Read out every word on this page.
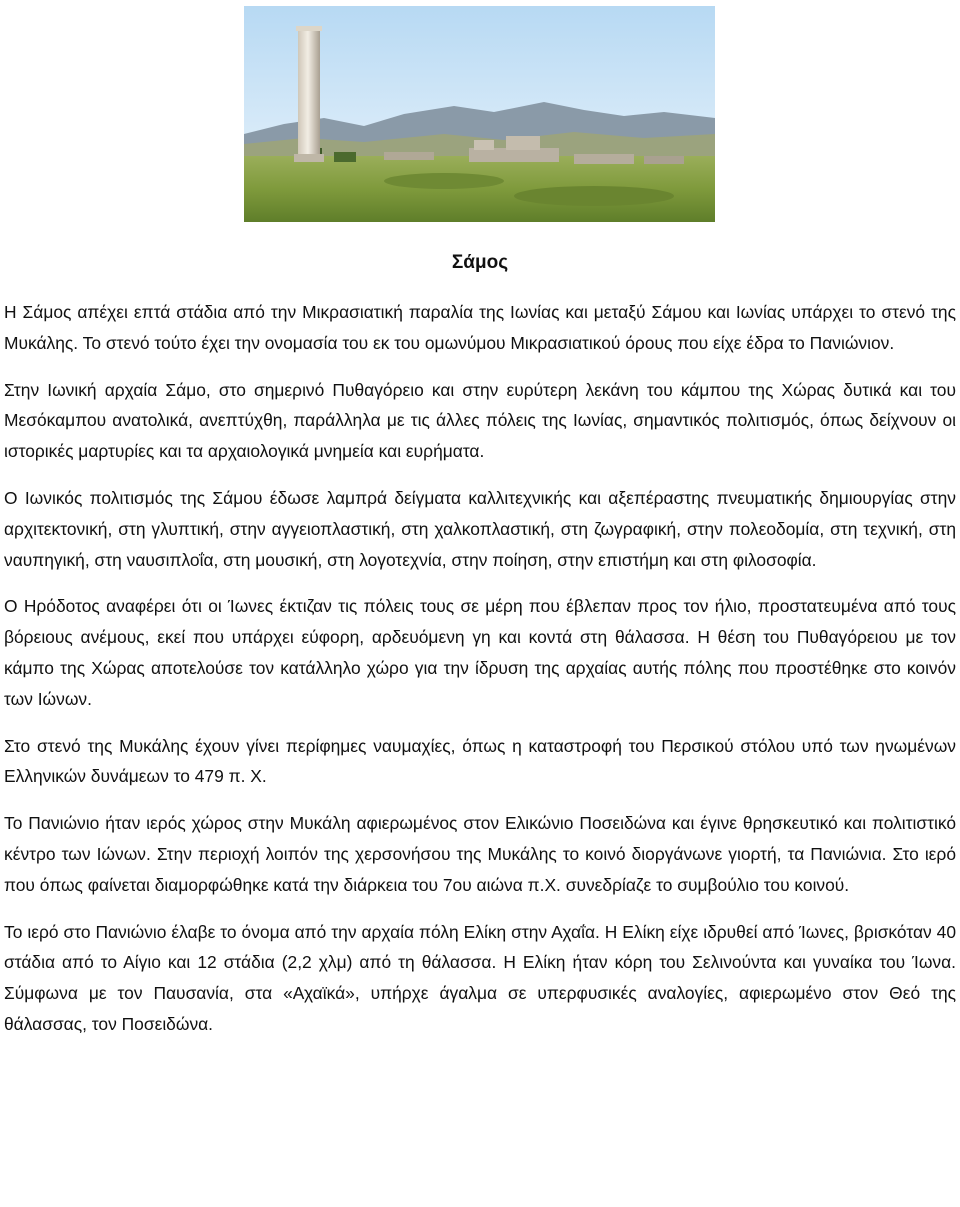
Σάμος

Η Σάμος απέχει επτά στάδια από την Μικρασιατική παραλία της Ιωνίας και μεταξύ Σάμου και Ιωνίας υπάρχει το στενό της Μυκάλης. Το στενό τούτο έχει την ονομασία του εκ του ομωνύμου Μικρασιατικού όρους που είχε έδρα το Πανιώνιον.

Στην Ιωνική αρχαία Σάμο, στο σημερινό Πυθαγόρειο και στην ευρύτερη λεκάνη του κάμπου της Χώρας δυτικά και του Μεσόκαμπου ανατολικά, ανεπτύχθη, παράλληλα με τις άλλες πόλεις της Ιωνίας, σημαντικός πολιτισμός, όπως δείχνουν οι ιστορικές μαρτυρίες και τα αρχαιολογικά μνημεία και ευρήματα.

Ο Ιωνικός πολιτισμός της Σάμου έδωσε λαμπρά δείγματα καλλιτεχνικής και αξεπέραστης πνευματικής δημιουργίας στην αρχιτεκτονική, στη γλυπτική, στην αγγειοπλαστική, στη χαλκοπλαστική, στη ζωγραφική, στην πολεοδομία, στη τεχνική, στη ναυπηγική, στη ναυσιπλοΐα, στη μουσική, στη λογοτεχνία, στην ποίηση, στην επιστήμη και στη φιλοσοφία.

Ο Ηρόδοτος αναφέρει ότι οι Ίωνες έκτιζαν τις πόλεις τους σε μέρη που έβλεπαν προς τον ήλιο, προστατευμένα από τους βόρειους ανέμους, εκεί που υπάρχει εύφορη, αρδευόμενη γη και κοντά στη θάλασσα. Η θέση του Πυθαγόρειου με τον κάμπο της Χώρας αποτελούσε τον κατάλληλο χώρο για την ίδρυση της αρχαίας αυτής πόλης που προστέθηκε στο κοινόν των Ιώνων.

Στο στενό της Μυκάλης έχουν γίνει περίφημες ναυμαχίες, όπως η καταστροφή του Περσικού στόλου υπό των ηνωμένων Ελληνικών δυνάμεων το 479 π. Χ.

Το Πανιώνιο ήταν ιερός χώρος στην Μυκάλη αφιερωμένος στον Ελικώνιο Ποσειδώνα και έγινε θρησκευτικό και πολιτιστικό κέντρο των Ιώνων. Στην περιοχή λοιπόν της χερσονήσου της Μυκάλης το κοινό διοργάνωνε γιορτή, τα Πανιώνια. Στο ιερό που όπως φαίνεται διαμορφώθηκε κατά την διάρκεια του 7ου αιώνα π.Χ. συνεδρίαζε το συμβούλιο του κοινού.

Το ιερό στο Πανιώνιο έλαβε το όνομα από την αρχαία πόλη Ελίκη στην Αχαΐα. Η Ελίκη είχε ιδρυθεί από Ίωνες, βρισκόταν 40 στάδια από το Αίγιο και 12 στάδια (2,2 χλμ) από τη θάλασσα. Η Ελίκη ήταν κόρη του Σελινούντα και γυναίκα του Ίωνα. Σύμφωνα με τον Παυσανία, στα «Αχαϊκά», υπήρχε άγαλμα σε υπερφυσικές αναλογίες, αφιερωμένο στον Θεό της θάλασσας, τον Ποσειδώνα.
